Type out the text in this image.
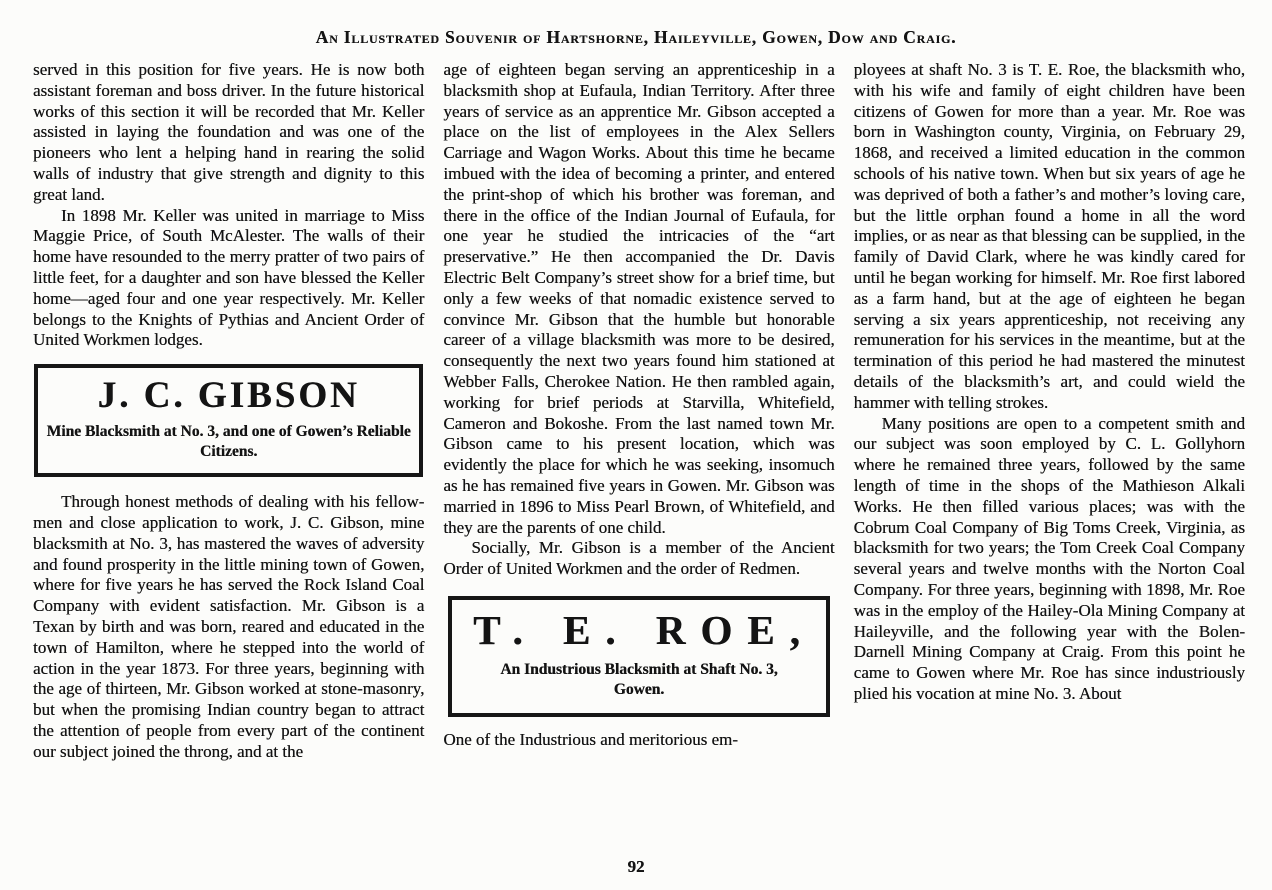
An Illustrated Souvenir of Hartshorne, Haileyville, Gowen, Dow and Craig.

served in this position for five years. He is now both assistant foreman and boss driver. In the future historical works of this section it will be recorded that Mr. Keller assisted in laying the foundation and was one of the pioneers who lent a helping hand in rearing the solid walls of industry that give strength and dignity to this great land.

In 1898 Mr. Keller was united in marriage to Miss Maggie Price, of South McAlester. The walls of their home have resounded to the merry pratter of two pairs of little feet, for a daughter and son have blessed the Keller home—aged four and one year respectively. Mr. Keller belongs to the Knights of Pythias and Ancient Order of United Workmen lodges.

J. C. GIBSON
Mine Blacksmith at No. 3, and one of Gowen’s Reliable Citizens.

Through honest methods of dealing with his fellow-men and close application to work, J. C. Gibson, mine blacksmith at No. 3, has mastered the waves of adversity and found prosperity in the little mining town of Gowen, where for five years he has served the Rock Island Coal Company with evident satisfaction. Mr. Gibson is a Texan by birth and was born, reared and educated in the town of Hamilton, where he stepped into the world of action in the year 1873. For three years, beginning with the age of thirteen, Mr. Gibson worked at stone-masonry, but when the promising Indian country began to attract the attention of people from every part of the continent our subject joined the throng, and at the

age of eighteen began serving an apprenticeship in a blacksmith shop at Eufaula, Indian Territory. After three years of service as an apprentice Mr. Gibson accepted a place on the list of employees in the Alex Sellers Carriage and Wagon Works. About this time he became imbued with the idea of becoming a printer, and entered the print-shop of which his brother was foreman, and there in the office of the Indian Journal of Eufaula, for one year he studied the intricacies of the “art preservative.” He then accompanied the Dr. Davis Electric Belt Company’s street show for a brief time, but only a few weeks of that nomadic existence served to convince Mr. Gibson that the humble but honorable career of a village blacksmith was more to be desired, consequently the next two years found him stationed at Webber Falls, Cherokee Nation. He then rambled again, working for brief periods at Starvilla, Whitefield, Cameron and Bokoshe. From the last named town Mr. Gibson came to his present location, which was evidently the place for which he was seeking, insomuch as he has remained five years in Gowen. Mr. Gibson was married in 1896 to Miss Pearl Brown, of Whitefield, and they are the parents of one child.

Socially, Mr. Gibson is a member of the Ancient Order of United Workmen and the order of Redmen.

T. E. ROE,
An Industrious Blacksmith at Shaft No. 3, Gowen.

One of the Industrious and meritorious em-

ployees at shaft No. 3 is T. E. Roe, the blacksmith who, with his wife and family of eight children have been citizens of Gowen for more than a year. Mr. Roe was born in Washington county, Virginia, on February 29, 1868, and received a limited education in the common schools of his native town. When but six years of age he was deprived of both a father’s and mother’s loving care, but the little orphan found a home in all the word implies, or as near as that blessing can be supplied, in the family of David Clark, where he was kindly cared for until he began working for himself. Mr. Roe first labored as a farm hand, but at the age of eighteen he began serving a six years apprenticeship, not receiving any remuneration for his services in the meantime, but at the termination of this period he had mastered the minutest details of the blacksmith’s art, and could wield the hammer with telling strokes.

Many positions are open to a competent smith and our subject was soon employed by C. L. Gollyhorn where he remained three years, followed by the same length of time in the shops of the Mathieson Alkali Works. He then filled various places; was with the Cobrum Coal Company of Big Toms Creek, Virginia, as blacksmith for two years; the Tom Creek Coal Company several years and twelve months with the Norton Coal Company. For three years, beginning with 1898, Mr. Roe was in the employ of the Hailey-Ola Mining Company at Haileyville, and the following year with the Bolen-Darnell Mining Company at Craig. From this point he came to Gowen where Mr. Roe has since industriously plied his vocation at mine No. 3. About

92
